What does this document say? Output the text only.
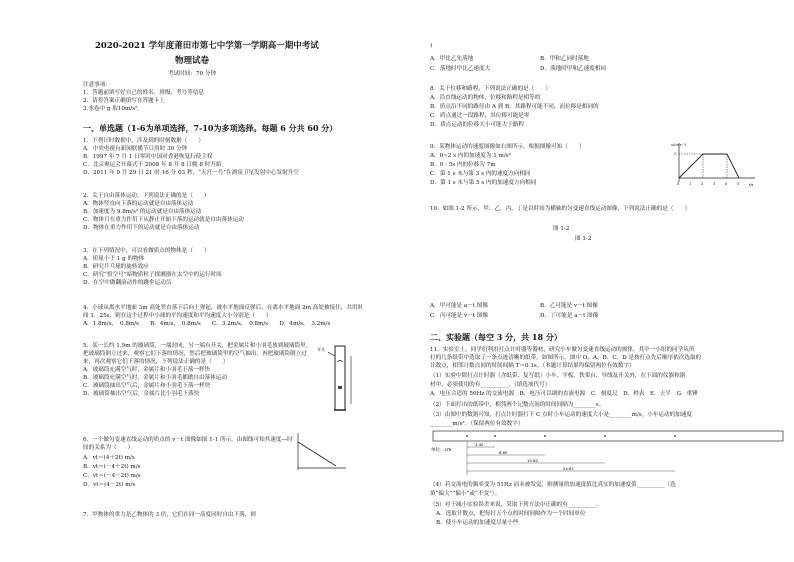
2020-2021 学年度莆田市第七中学第一学期高一期中考试
物理试卷
考试时间：70 分钟
注意事项：
1．答题前填写好自己的姓名、班级、考号等信息
2．请将答案正确填写在答题卡上
3.本卷中 g 取10m/s²。
一、单选题（1-6为单项选择，7-10为多项选择。每题 6 分共 60 分）
1．下列计时数据中，涉及到的时刻数据（　　）
A．中央电视台新闻联播节目用时 30 分钟
B．1997 年 7 月 1 日零时中国对香港恢复行使主权
C．北京奥运会开幕式于 2008 年 8 月 8 日晚 8 时开始
D．2011 年 9 月 29 日 21 时 16 分 03 秒，“天宫一号”在酒泉卫星发射中心发射升空
2．关于自由落体运动，下列说法正确的是（　　）
A．物体竖直向下落的运动就是自由落体运动
B．加速度为 9.8m/s² 的运动就是自由落体运动
C．物体只在重力作用下从静止开始下落的运动就是自由落体运动
D．物体在重力作用下的运动就是自由落体运动
3．在下列情况中，可以看做质点的物体是（　　）
A．质量小于 1 g 的物体
B．研究乒乓球的旋转效应
C．研究“悟空号”暗物质粒子探测器在太空中的运行时间
D．在空中做翻滚动作的跳伞运动员
4．小球从离水平地面 3m 高处竖直落下后向上弹起，被水平地面反弹后，在离水平地面 2m 高处被接住，共用时
间 1．25s，则在这个过程中小球的平均速度和平均速度大小分别是（　　）
A．1.8m/s，　0.8m/s　　B．4m/s，　0.8m/s　　C．3.2m/s，　0.8m/s　　D．4m/s，　3.2m/s
5．某一长约 1.9m 的玻璃筒，一端封闭，另一端有开关，把金属片和小羽毛放到玻璃筒里。
把玻璃筒倒立过来，观察它们下落的情况，然后把玻璃筒里的空气抽出，再把玻璃筒倒立过
来，再次观察它们下落的情况，下列说法正确的是（　　）
A．玻璃筒充满空气时，金属片和小羽毛下落一样快
B．玻璃筒充满空气时，金属片和小羽毛都做自由落体运动
C．玻璃筒抽出空气后，金属片和小羽毛下落一样快
D．玻璃筒抽出空气后，金属片比小羽毛下落快
开关
6．一个做匀变速直线运动的质点的 v－t 图像如图 1-1 所示，由图线可知其速度—时
间的关系为（　　）
A．vt＝(4＋2t) m/s
B．vt＝(－4＋2t) m/s
C．vt＝(－4－2t) m/s
D．vt＝(4－2t) m/s
7．甲物体的重力是乙物体的 3 倍，它们在同一高度同时自由下落，则
)
A．甲比乙先落地	B．甲和乙同时落地
C．落地时甲比乙速度大	D．落地时甲和乙速度相同
8．关于位移和路程，下列说法正确的是（　　）
A．沿直线运动的物体，位移和路程是相等的
B．质点沿不同的路径由 A 到 B，其路程可能不同，而位移是相同的
C．质点通过一段路程，其位移可能是零
D．质点运动的位移大小可能大于路程
9．某物体运动的速度图像如右图所示，根据图像可知（　　）
A．0~2 s 内的加速度为 1 m/s²
B．0 - 5s 内的位移为 7m
C．第 1 s 末与第 3 s 内的速度方向相同
D．第 1 s 末与第 5 s 内的加速度方向相同
v/(m·s⁻¹)
t/s
2
0	1	2	3	4	5
10．如图 1-2 所示，甲、乙、丙、丁是以时间为横轴的匀变速直线运动图像，下列说法正确的是（　　）
图 1-2
图 1-2
A．甲可能是 a－t 图像	B．乙可能是 v－t 图像
C．丙可能是 v－t 图像	D．丁可能是 a－t 图像
二、实验题（每空 3 分，共 18 分）
11．实验室上，同学们利用打点计时器等器材，研究小车做匀变速直线运动的规律。其中一小组的同学从所
打的几条纸带中选取了一条点迹清晰的纸带，如图所示。图中 O、A、B、C、D 是按打点先后顺序依次选取的
计数点，相邻计数点间的时间间隔 T＝0.1s。（本题计算结果均保留两位有效数字）
（1）实验中除打点计时器（含纸带、复写纸）小车、平板、铁架台、导线及开关外，在下面的仪器和器
材中，必须使用的有__________。（填选项代号）
A．电压合适的 50Hz 的交流电源　B．电压可以调的直流电源　C．刻度尺　D．秒表　E．天平　G．重锤
（2）下面打出的纸带中，相邻两个记数点间的时间间隔为________s。
（3）由图中的数据可知，打点计时器打下 C 点时小车运动的速度大小是________m/s。小车运动的加速度
________m/s²。（保留两位有效数字）
单位：cm
3.40
8.60
15.80
24.81
（4）若交流电的频率变为 51Hz 而未被发觉，则测量的加速度值比真实的加速度值__________（选
填“偏大”“偏小”或“不变”）。
（5）对于减小实验误差来说，采取下列方法中正确的有__________。
A．选取计数点，把每打五个点的时间间隔作为一个时间单位
B．使小车运动的加速度尽量小些
